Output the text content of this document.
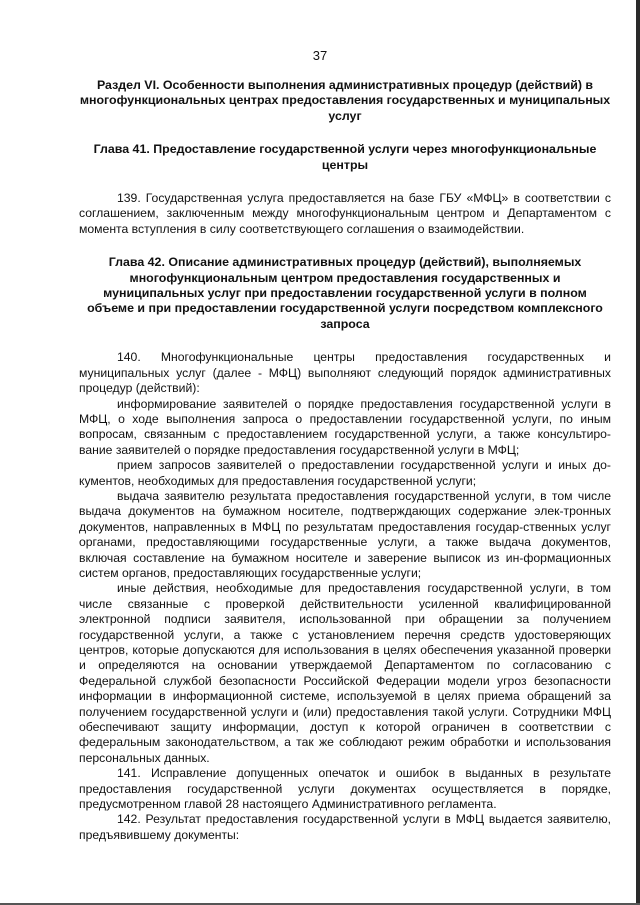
37
Раздел VI. Особенности выполнения административных процедур (действий) в многофункциональных центрах предоставления государственных и муниципальных услуг
Глава 41. Предоставление государственной услуги через многофункциональные центры

139. Государственная услуга предоставляется на базе ГБУ «МФЦ» в соответствии с соглашением, заключенным между многофункциональным центром и Департаментом с момента вступления в силу соответствующего соглашения о взаимодействии.

Глава 42. Описание административных процедур (действий), выполняемых многофункциональным центром предоставления государственных и муниципальных услуг при предоставлении государственной услуги в полном объеме и при предоставлении государственной услуги посредством комплексного запроса

140. Многофункциональные центры предоставления государственных и муниципальных услуг (далее - МФЦ) выполняют следующий порядок административных процедур (действий):

информирование заявителей о порядке предоставления государственной услуги в МФЦ, о ходе выполнения запроса о предоставлении государственной услуги, по иным вопросам, связанным с предоставлением государственной услуги, а также консультиро-вание заявителей о порядке предоставления государственной услуги в МФЦ;

прием запросов заявителей о предоставлении государственной услуги и иных до-кументов, необходимых для предоставления государственной услуги;

выдача заявителю результата предоставления государственной услуги, в том числе выдача документов на бумажном носителе, подтверждающих содержание элек-тронных документов, направленных в МФЦ по результатам предоставления государ-ственных услуг органами, предоставляющими государственные услуги, а также выдача документов, включая составление на бумажном носителе и заверение выписок из ин-формационных систем органов, предоставляющих государственные услуги;

иные действия, необходимые для предоставления государственной услуги, в том числе связанные с проверкой действительности усиленной квалифицированной электронной подписи заявителя, использованной при обращении за получением государственной услуги, а также с установлением перечня средств удостоверяющих центров, которые допускаются для использования в целях обеспечения указанной проверки и определяются на основании утверждаемой Департаментом по согласованию с Федеральной службой безопасности Российской Федерации модели угроз безопасности информации в информационной системе, используемой в целях приема обращений за получением государственной услуги и (или) предоставления такой услуги. Сотрудники МФЦ обеспечивают защиту информации, доступ к которой ограничен в соответствии с федеральным законодательством, а так же соблюдают режим обработки и использования персональных данных.

141. Исправление допущенных опечаток и ошибок в выданных в результате предоставления государственной услуги документах осуществляется в порядке, предусмотренном главой 28 настоящего Административного регламента.

142. Результат предоставления государственной услуги в МФЦ выдается заявителю, предъявившему документы:
